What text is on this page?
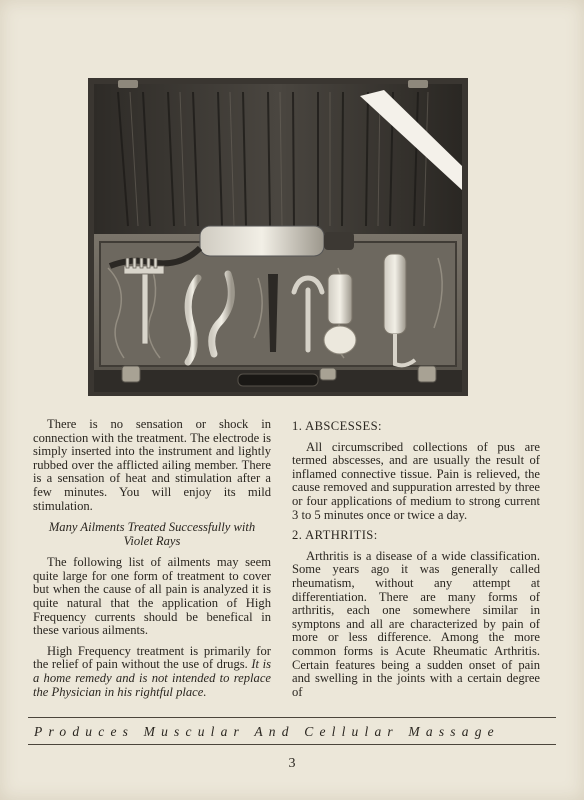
There is no sensation or shock in connection with the treatment. The electrode is simply inserted into the instrument and lightly rubbed over the afflicted ailing member. There is a sensation of heat and stimulation after a few minutes. You will enjoy its mild stimulation.

Many Ailments Treated Successfully with Violet Rays

The following list of ailments may seem quite large for one form of treatment to cover but when the cause of all pain is analyzed it is quite natural that the application of High Frequency currents should be benefical in these various ailments.

High Frequency treatment is primarily for the relief of pain without the use of drugs. It is a home remedy and is not intended to replace the Physician in his rightful place.

1. ABSCESSES:

All circumscribed collections of pus are termed abscesses, and are usually the result of inflamed connective tissue. Pain is relieved, the cause removed and suppuration arrested by three or four applications of medium to strong current 3 to 5 minutes once or twice a day.

2. ARTHRITIS:

Arthritis is a disease of a wide classification. Some years ago it was generally called rheumatism, without any attempt at differentiation. There are many forms of arthritis, each one somewhere similar in symptons and all are characterized by pain of more or less difference. Among the more common forms is Acute Rheumatic Arthritis. Certain features being a sudden onset of pain and swelling in the joints with a certain degree of

Produces Muscular And Cellular Massage
3
